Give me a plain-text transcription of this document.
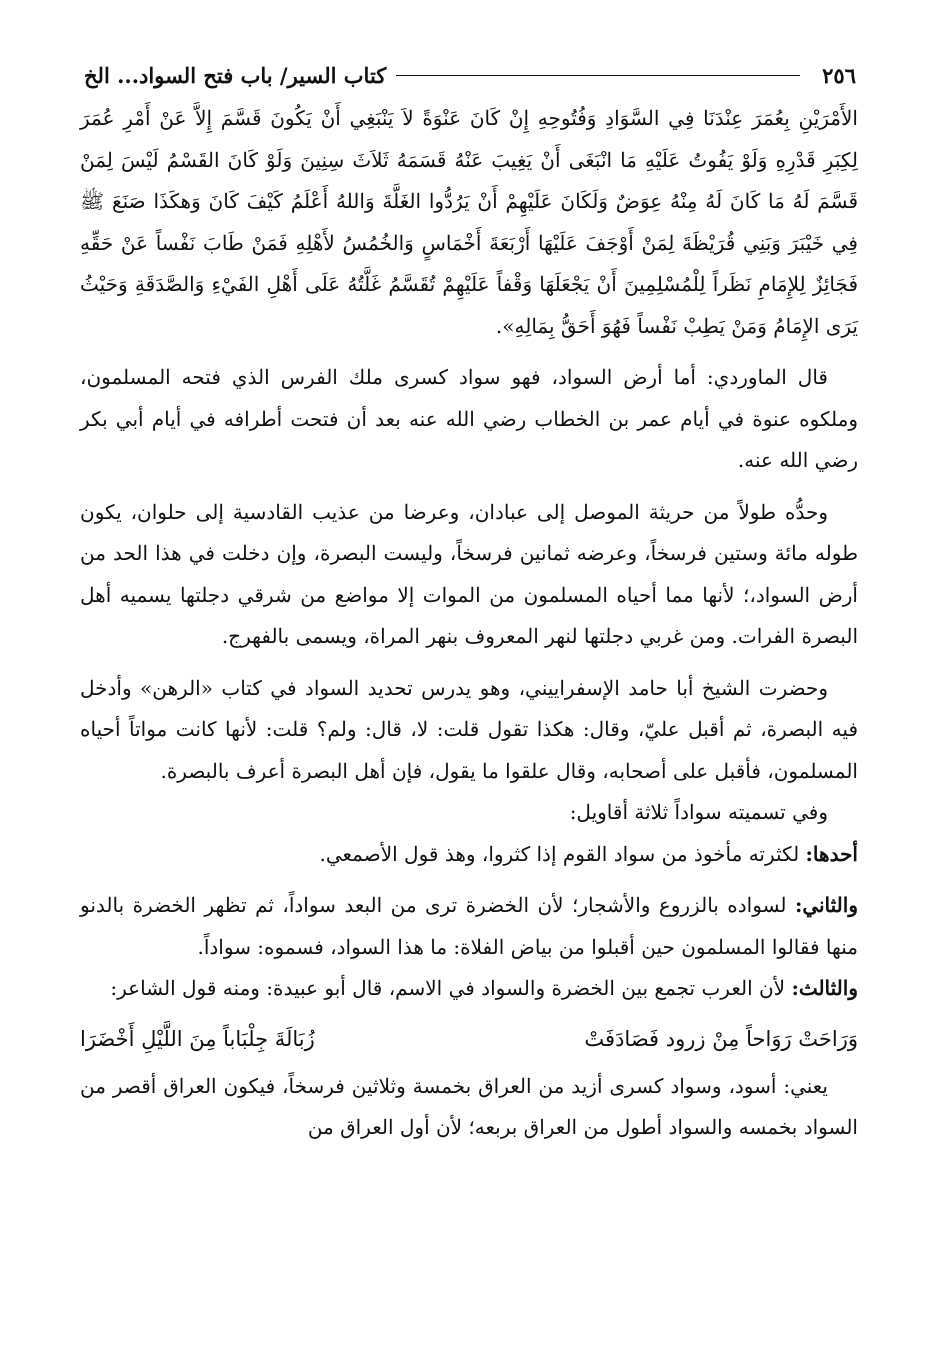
٢٥٦
كتاب السير/ باب فتح السواد... الخ

الأَمْرَيْنِ بِعُمَرَ عِنْدَنَا فِي السَّوَادِ وَفُتُوحِهِ إِنْ كَانَ عَنْوَةً لاَ يَنْبَغِي أَنْ يَكُونَ قَسَّمَ إِلاَّ عَنْ أَمْرِ عُمَرَ لِكِبَرِ قَدْرِهِ وَلَوْ يَفُوتُ عَلَيْهِ مَا انْبَغَى أَنْ يَغِيبَ عَنْهُ قَسَمَهُ ثَلاَثَ سِنِينَ وَلَوْ كَانَ القَسْمُ لَيْسَ لِمَنْ قَسَّمَ لَهُ مَا كَانَ لَهُ مِنْهُ عِوَضٌ وَلَكَانَ عَلَيْهِمْ أَنْ يَرُدُّوا الغَلَّةَ وَاللهُ أَعْلَمُ كَيْفَ كَانَ وَهكَذَا صَنَعَ ﷺ فِي خَيْبَرَ وَبَنِي قُرَيْظَةَ لِمَنْ أَوْجَفَ عَلَيْهَا أَرْبَعَةَ أَخْمَاسٍ وَالخُمُسُ لأَهْلِهِ فَمَنْ طَابَ نَفْساً عَنْ حَقِّهِ فَجَائِزٌ لِلإِمَامِ نَظَراً لِلْمُسْلِمِينَ أَنْ يَجْعَلَهَا وَقْفاً عَلَيْهِمْ تُقَسَّمُ غَلَّتُهُ عَلَى أَهْلِ الفَيْءِ وَالصَّدَقَةِ وَحَيْثُ يَرَى الإِمَامُ وَمَنْ يَطِبْ نَفْساً فَهُوَ أَحَقُّ بِمَالِهِ».

قال الماوردي: أما أرض السواد، فهو سواد كسرى ملك الفرس الذي فتحه المسلمون، وملكوه عنوة في أيام عمر بن الخطاب رضي الله عنه بعد أن فتحت أطرافه في أيام أبي بكر رضي الله عنه.

وحدُّه طولاً من حريثة الموصل إلى عبادان، وعرضا من عذيب القادسية إلى حلوان، يكون طوله مائة وستين فرسخاً، وعرضه ثمانين فرسخاً، وليست البصرة، وإن دخلت في هذا الحد من أرض السواد،؛ لأنها مما أحياه المسلمون من الموات إلا مواضع من شرقي دجلتها يسميه أهل البصرة الفرات. ومن غربي دجلتها لنهر المعروف بنهر المراة، ويسمى بالفهرج.

وحضرت الشيخ أبا حامد الإسفراييني، وهو يدرس تحديد السواد في كتاب «الرهن» وأدخل فيه البصرة، ثم أقبل عليّ، وقال: هكذا تقول قلت: لا، قال: ولم؟ قلت: لأنها كانت مواتاً أحياه المسلمون، فأقبل على أصحابه، وقال علقوا ما يقول، فإن أهل البصرة أعرف بالبصرة.

وفي تسميته سواداً ثلاثة أقاويل:

أحدها: لكثرته مأخوذ من سواد القوم إذا كثروا، وهذ قول الأصمعي.

والثاني: لسواده بالزروع والأشجار؛ لأن الخضرة ترى من البعد سواداً، ثم تظهر الخضرة بالدنو منها فقالوا المسلمون حين أقبلوا من بياض الفلاة: ما هذا السواد، فسموه: سواداً.

والثالث: لأن العرب تجمع بين الخضرة والسواد في الاسم، قال أبو عبيدة: ومنه قول الشاعر:

وَرَاحَتْ رَوَاحاً مِنْ زرود فَصَادَفَتْ
زُبَالَةَ جِلْبَاباً مِنَ اللَّيْلِ أَخْضَرَا

يعني: أسود، وسواد كسرى أزيد من العراق بخمسة وثلاثين فرسخاً، فيكون العراق أقصر من السواد بخمسه والسواد أطول من العراق بربعه؛ لأن أول العراق من
